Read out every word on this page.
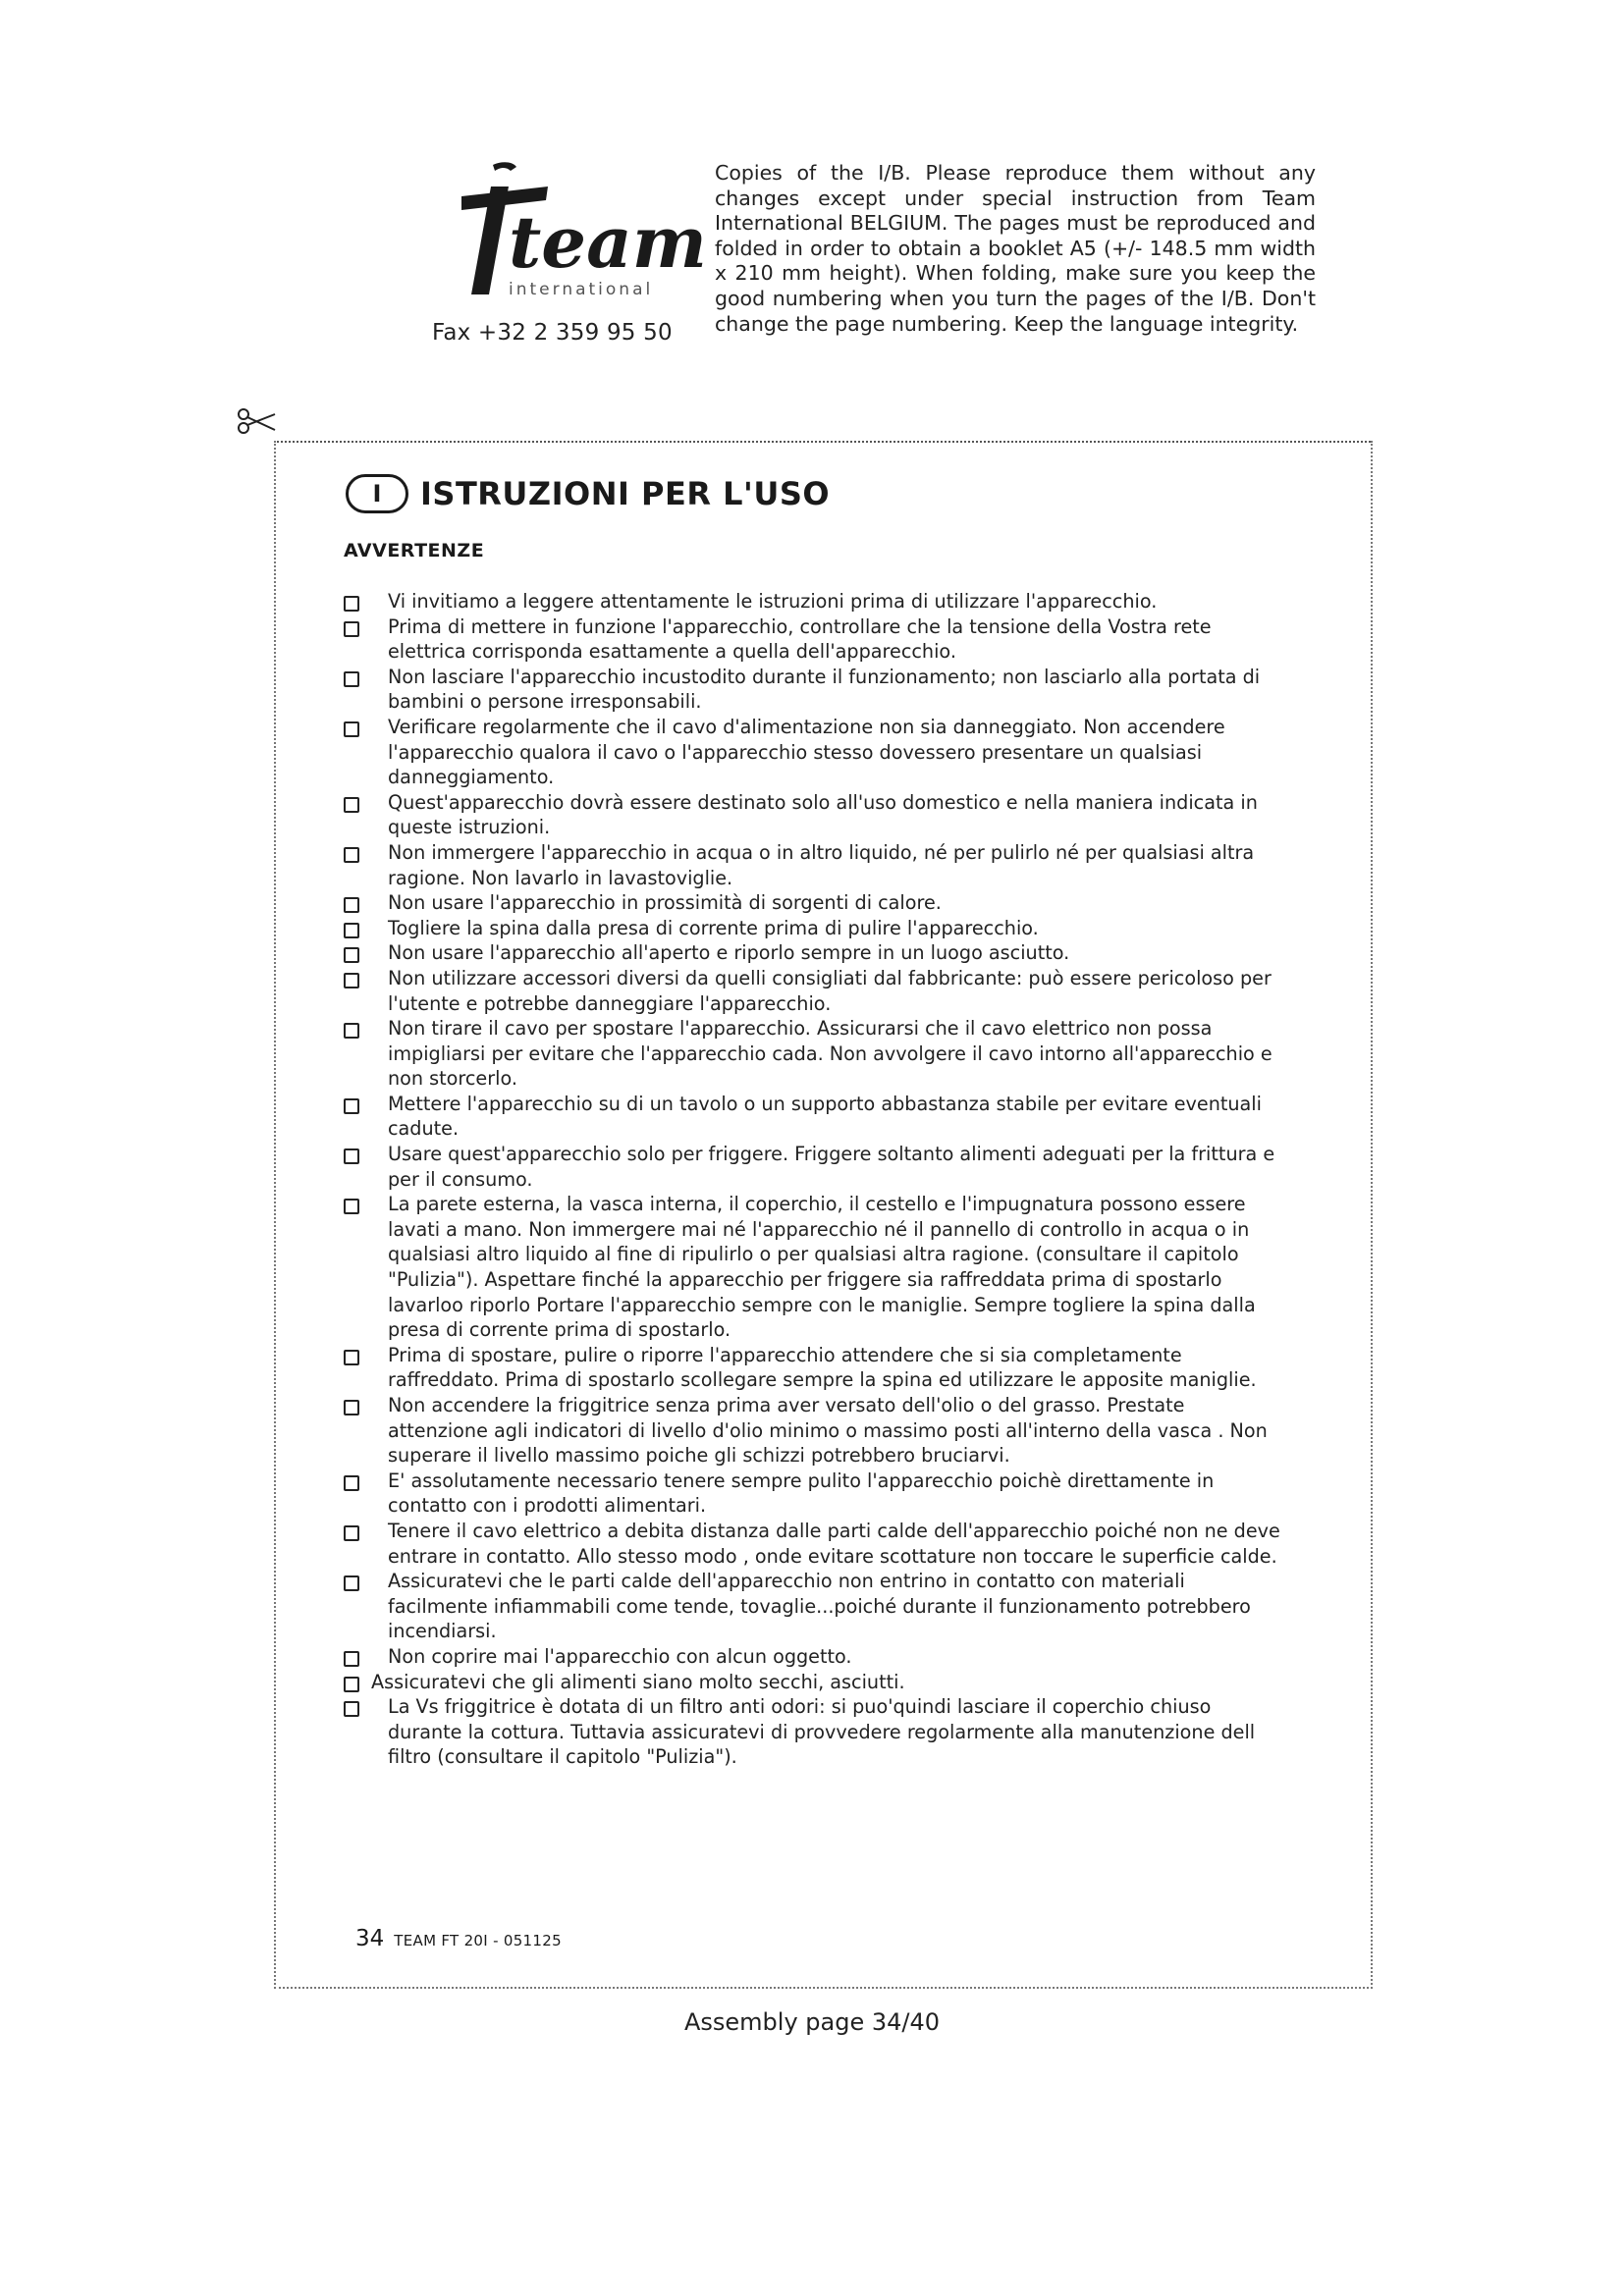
team
international
Fax +32 2 359 95 50
Copies of the I/B. Please reproduce them without any changes except under special instruction from Team International BELGIUM. The pages must be reproduced and folded in order to obtain a booklet A5 (+/- 148.5 mm width x 210 mm height). When folding, make sure you keep the good numbering when you turn the pages of the I/B. Don't change the page numbering. Keep the language integrity.
I	ISTRUZIONI PER L'USO
AVVERTENZE
Vi invitiamo a leggere attentamente le istruzioni prima di utilizzare l'apparecchio.
Prima di mettere in funzione l'apparecchio, controllare che la tensione della Vostra rete elettrica corrisponda esattamente a quella dell'apparecchio.
Non lasciare l'apparecchio incustodito durante il funzionamento; non lasciarlo alla portata di bambini o persone irresponsabili.
Verificare regolarmente che il cavo d'alimentazione non sia danneggiato. Non accendere l'apparecchio qualora il cavo o l'apparecchio stesso dovessero presentare un qualsiasi danneggiamento.
Quest'apparecchio dovrà essere destinato solo all'uso domestico e nella maniera indicata in queste istruzioni.
Non immergere l'apparecchio in acqua o in altro liquido, né per pulirlo né per qualsiasi altra ragione. Non lavarlo in lavastoviglie.
Non usare l'apparecchio in prossimità di sorgenti di calore.
Togliere la spina dalla presa di corrente prima di pulire l'apparecchio.
Non usare l'apparecchio all'aperto e riporlo sempre in un luogo asciutto.
Non utilizzare accessori diversi da quelli consigliati dal fabbricante: può essere pericoloso per l'utente e potrebbe danneggiare l'apparecchio.
Non tirare il cavo per spostare l'apparecchio. Assicurarsi che il cavo elettrico non possa impigliarsi per evitare che l'apparecchio cada. Non avvolgere il cavo intorno all'apparecchio e non storcerlo.
Mettere l'apparecchio su di un tavolo o un supporto abbastanza stabile per evitare eventuali cadute.
Usare quest'apparecchio solo per friggere. Friggere soltanto alimenti adeguati per la frittura e per il consumo.
La parete esterna, la vasca interna, il coperchio, il cestello e l'impugnatura possono essere lavati a mano. Non immergere mai né l'apparecchio né il pannello di controllo in acqua o in qualsiasi altro liquido al fine di ripulirlo o per qualsiasi altra ragione. (consultare il capitolo "Pulizia"). Aspettare finché la apparecchio per friggere sia raffreddata prima di spostarlo lavarloo riporlo Portare l'apparecchio sempre con le maniglie. Sempre togliere la spina dalla presa di corrente prima di spostarlo.
Prima di spostare, pulire o riporre l'apparecchio attendere che si sia completamente raffreddato. Prima di spostarlo scollegare sempre la spina ed utilizzare le apposite maniglie.
Non accendere la friggitrice senza prima aver versato dell'olio o del grasso. Prestate attenzione agli indicatori di livello d'olio minimo o massimo posti all'interno della vasca . Non superare il livello massimo poiche gli schizzi potrebbero bruciarvi.
E' assolutamente necessario tenere sempre pulito l'apparecchio poichè direttamente in contatto con i prodotti alimentari.
Tenere il cavo elettrico a debita distanza dalle parti calde dell'apparecchio poiché non ne deve entrare in contatto. Allo stesso modo , onde evitare scottature non toccare le superficie calde.
Assicuratevi che le parti calde dell'apparecchio non entrino in contatto con materiali facilmente infiammabili come tende, tovaglie...poiché durante il funzionamento potrebbero incendiarsi.
Non coprire mai l'apparecchio con alcun oggetto.
Assicuratevi che gli alimenti siano molto secchi, asciutti.
La Vs friggitrice è dotata di un filtro anti odori: si puo'quindi lasciare il coperchio chiuso durante la cottura. Tuttavia assicuratevi di provvedere regolarmente alla manutenzione dell filtro (consultare il capitolo "Pulizia").
34 TEAM FT 20I - 051125
Assembly page 34/40
